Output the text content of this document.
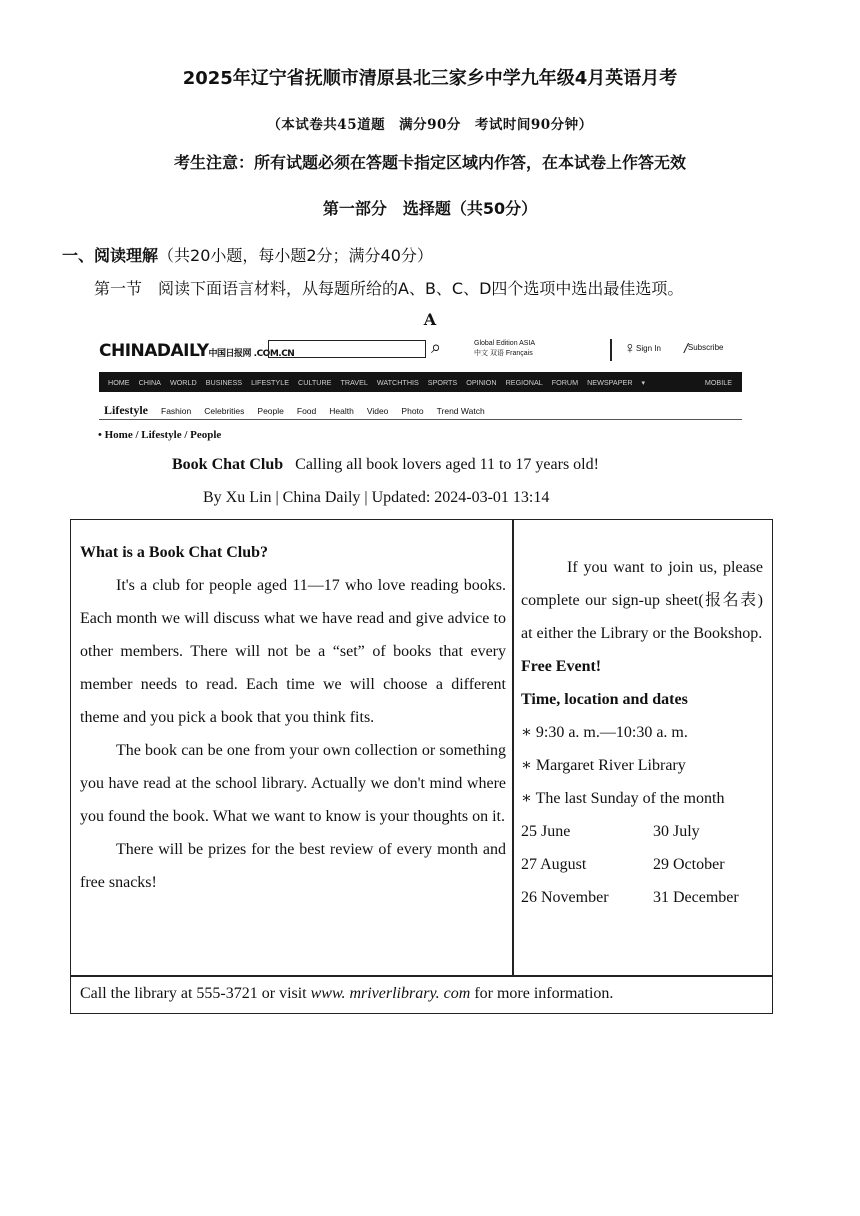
2025年辽宁省抚顺市清原县北三家乡中学九年级4月英语月考
（本试卷共45道题　满分90分　考试时间90分钟）
考生注意：所有试题必须在答题卡指定区域内作答，在本试卷上作答无效
第一部分　选择题（共50分）
一、阅读理解（共20小题，每小题2分；满分40分）
第一节　阅读下面语言材料，从每题所给的A、B、C、D四个选项中选出最佳选项。
A
CHINADAILY中国日报网 .COM.CN	⌕	Global Edition ASIA
中文 双语 Français	♀Sign In /Subscribe
HOME CHINA WORLD BUSINESS LIFESTYLE CULTURE TRAVEL WATCHTHIS SPORTS OPINION REGIONAL FORUM NEWSPAPER ▾	MOBILE
Lifestyle Fashion Celebrities People Food Health Video Photo Trend Watch
• Home / Lifestyle / People
Book Chat Club Calling all book lovers aged 11 to 17 years old!
By Xu Lin | China Daily | Updated: 2024-03-01 13:14
What is a Book Chat Club?

It's a club for people aged 11—17 who love reading books. Each month we will discuss what we have read and give advice to other members. There will not be a “set” of books that every member needs to read. Each time we will choose a different theme and you pick a book that you think fits.

The book can be one from your own collection or something you have read at the school library. Actually we don't mind where you found the book. What we want to know is your thoughts on it.

There will be prizes for the best review of every month and free snacks!

If you want to join us, please complete our sign-up sheet(报名表) at either the Library or the Bookshop.

Free Event!
Time, location and dates
∗ 9:30 a. m.—10:30 a. m.
∗ Margaret River Library
∗ The last Sunday of the month
25 June	30 July
27 August	29 October
26 November	31 December
Call the library at 555-3721 or visit www. mriverlibrary. com for more information.
